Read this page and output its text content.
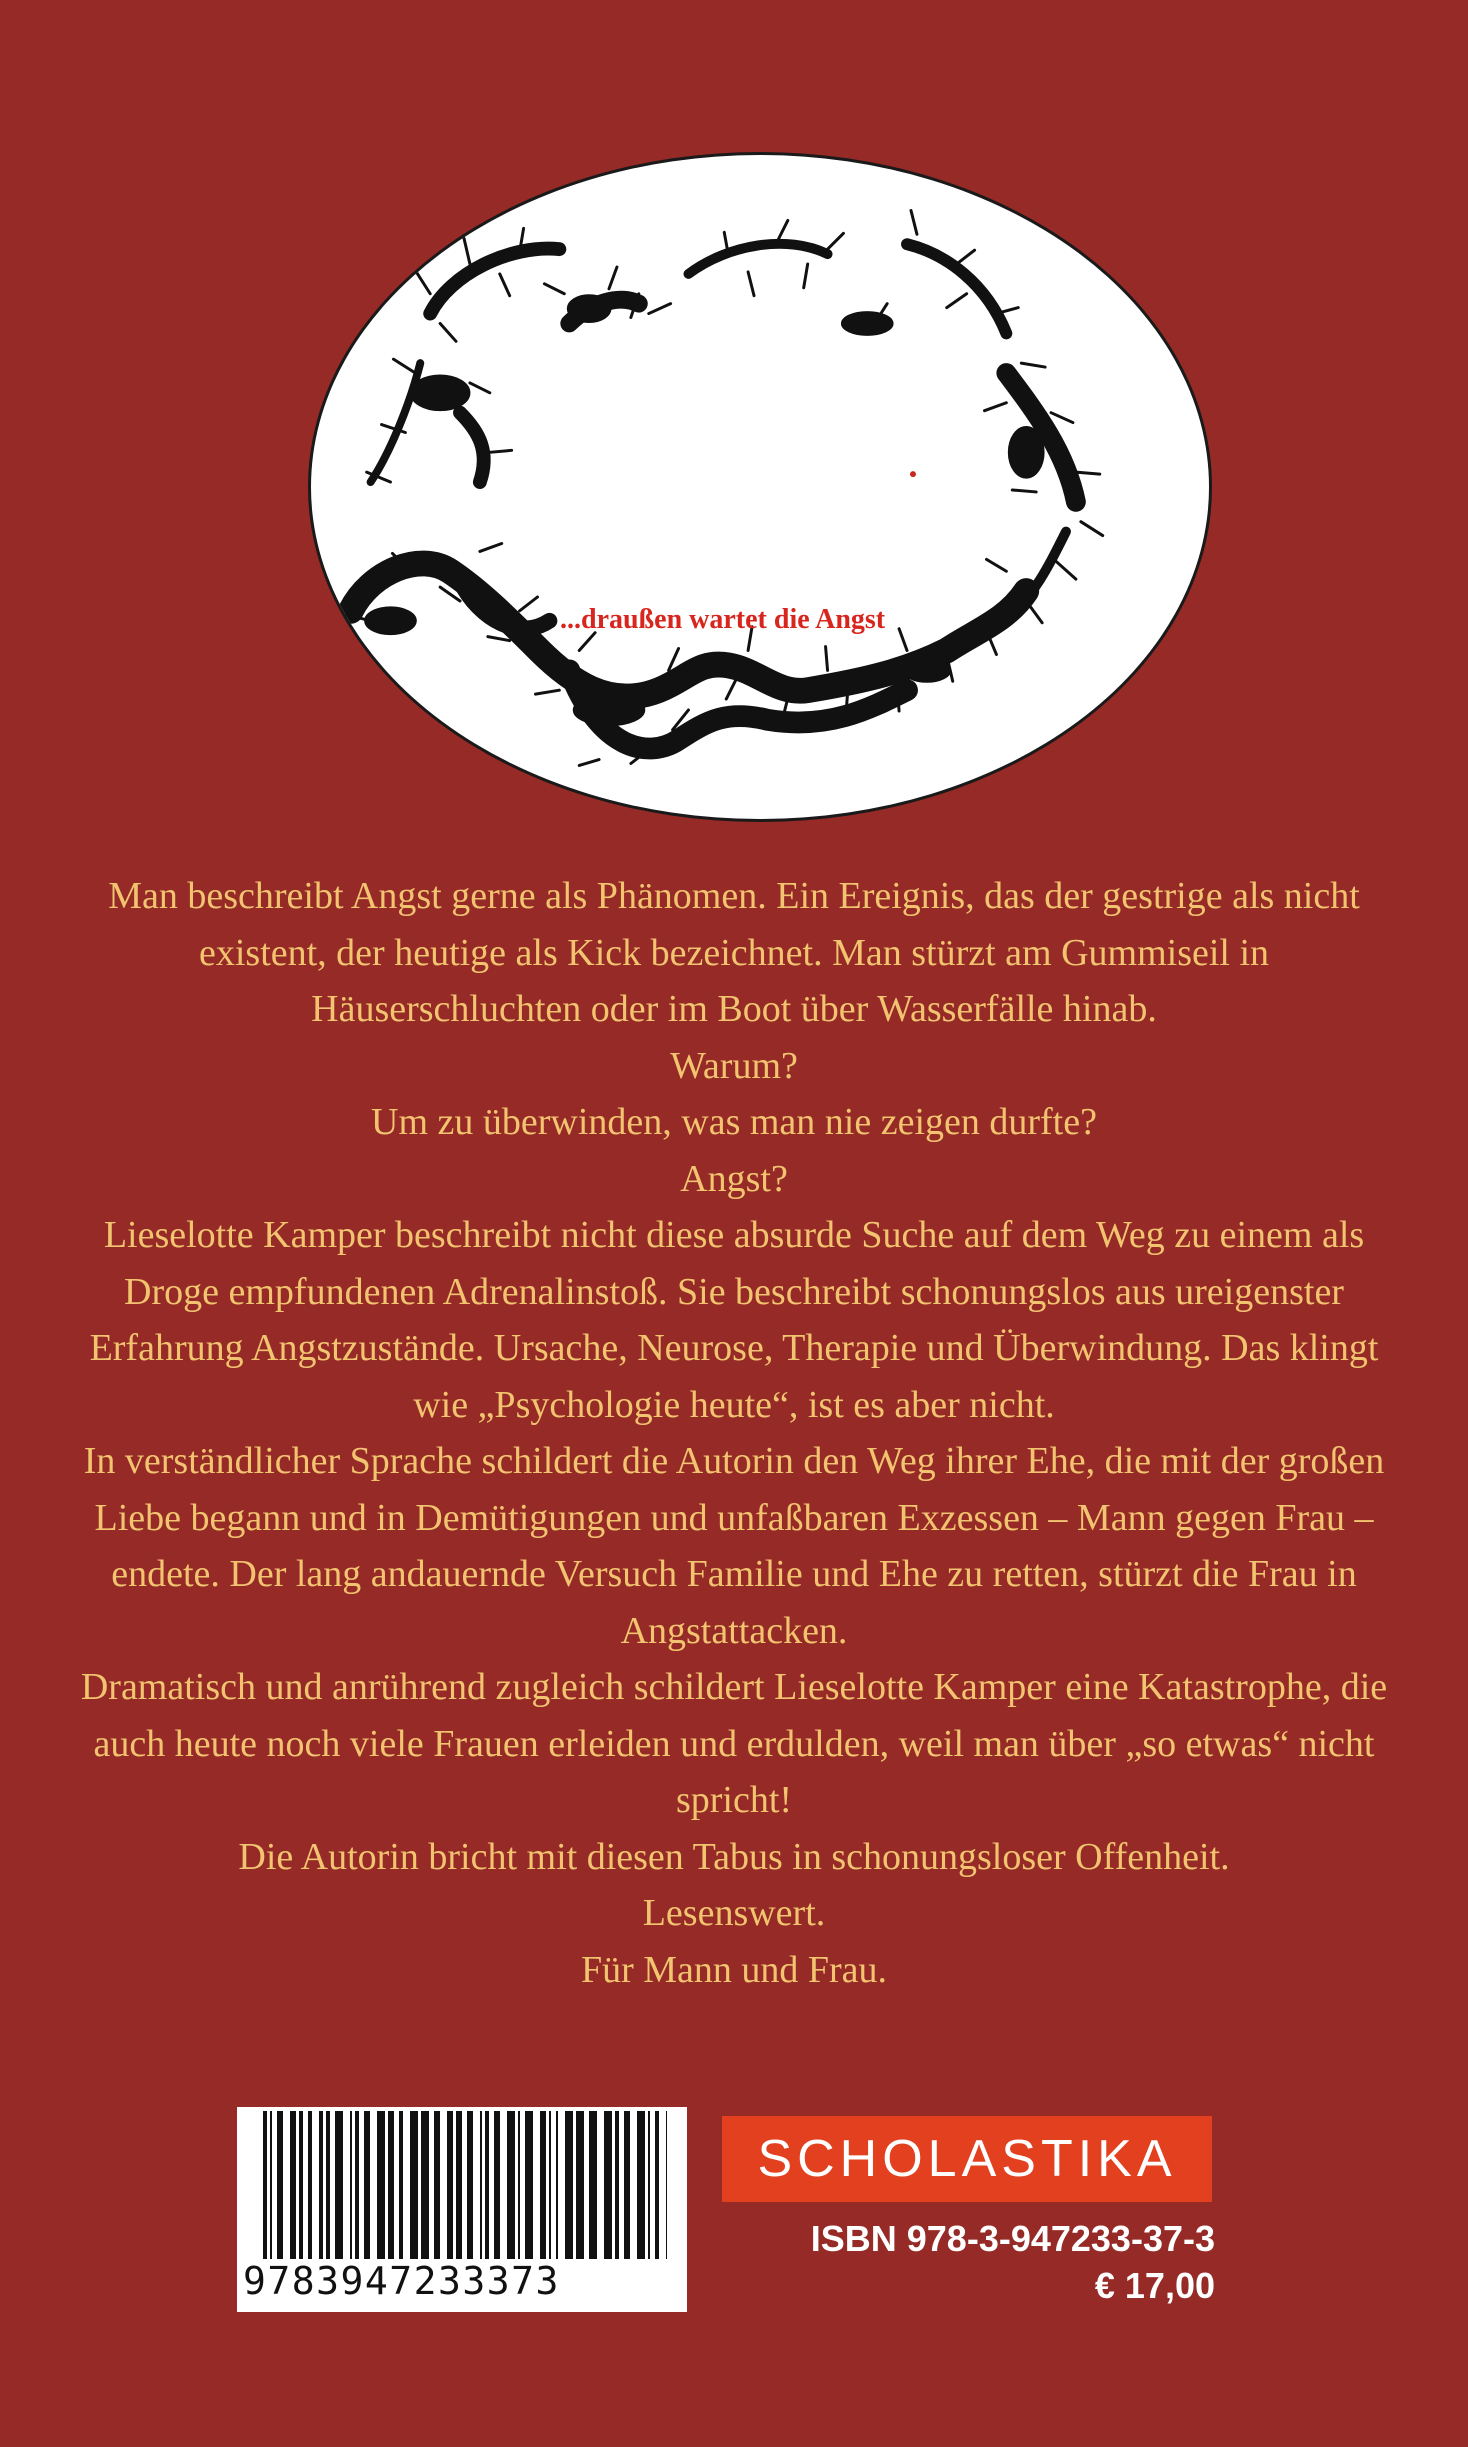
...draußen wartet die Angst

Man beschreibt Angst gerne als Phänomen. Ein Ereignis, das der gestrige als nicht existent, der heutige als Kick bezeichnet. Man stürzt am Gummiseil in Häuserschluchten oder im Boot über Wasserfälle hinab.

Warum?

Um zu überwinden, was man nie zeigen durfte?

Angst?

Lieselotte Kamper beschreibt nicht diese absurde Suche auf dem Weg zu einem als Droge empfundenen Adrenalinstoß. Sie beschreibt schonungslos aus ureigenster Erfahrung Angstzustände. Ursache, Neurose, Therapie und Überwindung. Das klingt wie „Psychologie heute“, ist es aber nicht.

In verständlicher Sprache schildert die Autorin den Weg ihrer Ehe, die mit der großen Liebe begann und in Demütigungen und unfaßbaren Exzessen – Mann gegen Frau – endete. Der lang andauernde Versuch Familie und Ehe zu retten, stürzt die Frau in Angstattacken.

Dramatisch und anrührend zugleich schildert Lieselotte Kamper eine Katastrophe, die auch heute noch viele Frauen erleiden und erdulden, weil man über „so etwas“ nicht spricht!

Die Autorin bricht mit diesen Tabus in schonungsloser Offenheit.

Lesenswert.

Für Mann und Frau.

9783947233373
SCHOLASTIKA
ISBN 978-3-947233-37-3
€ 17,00
